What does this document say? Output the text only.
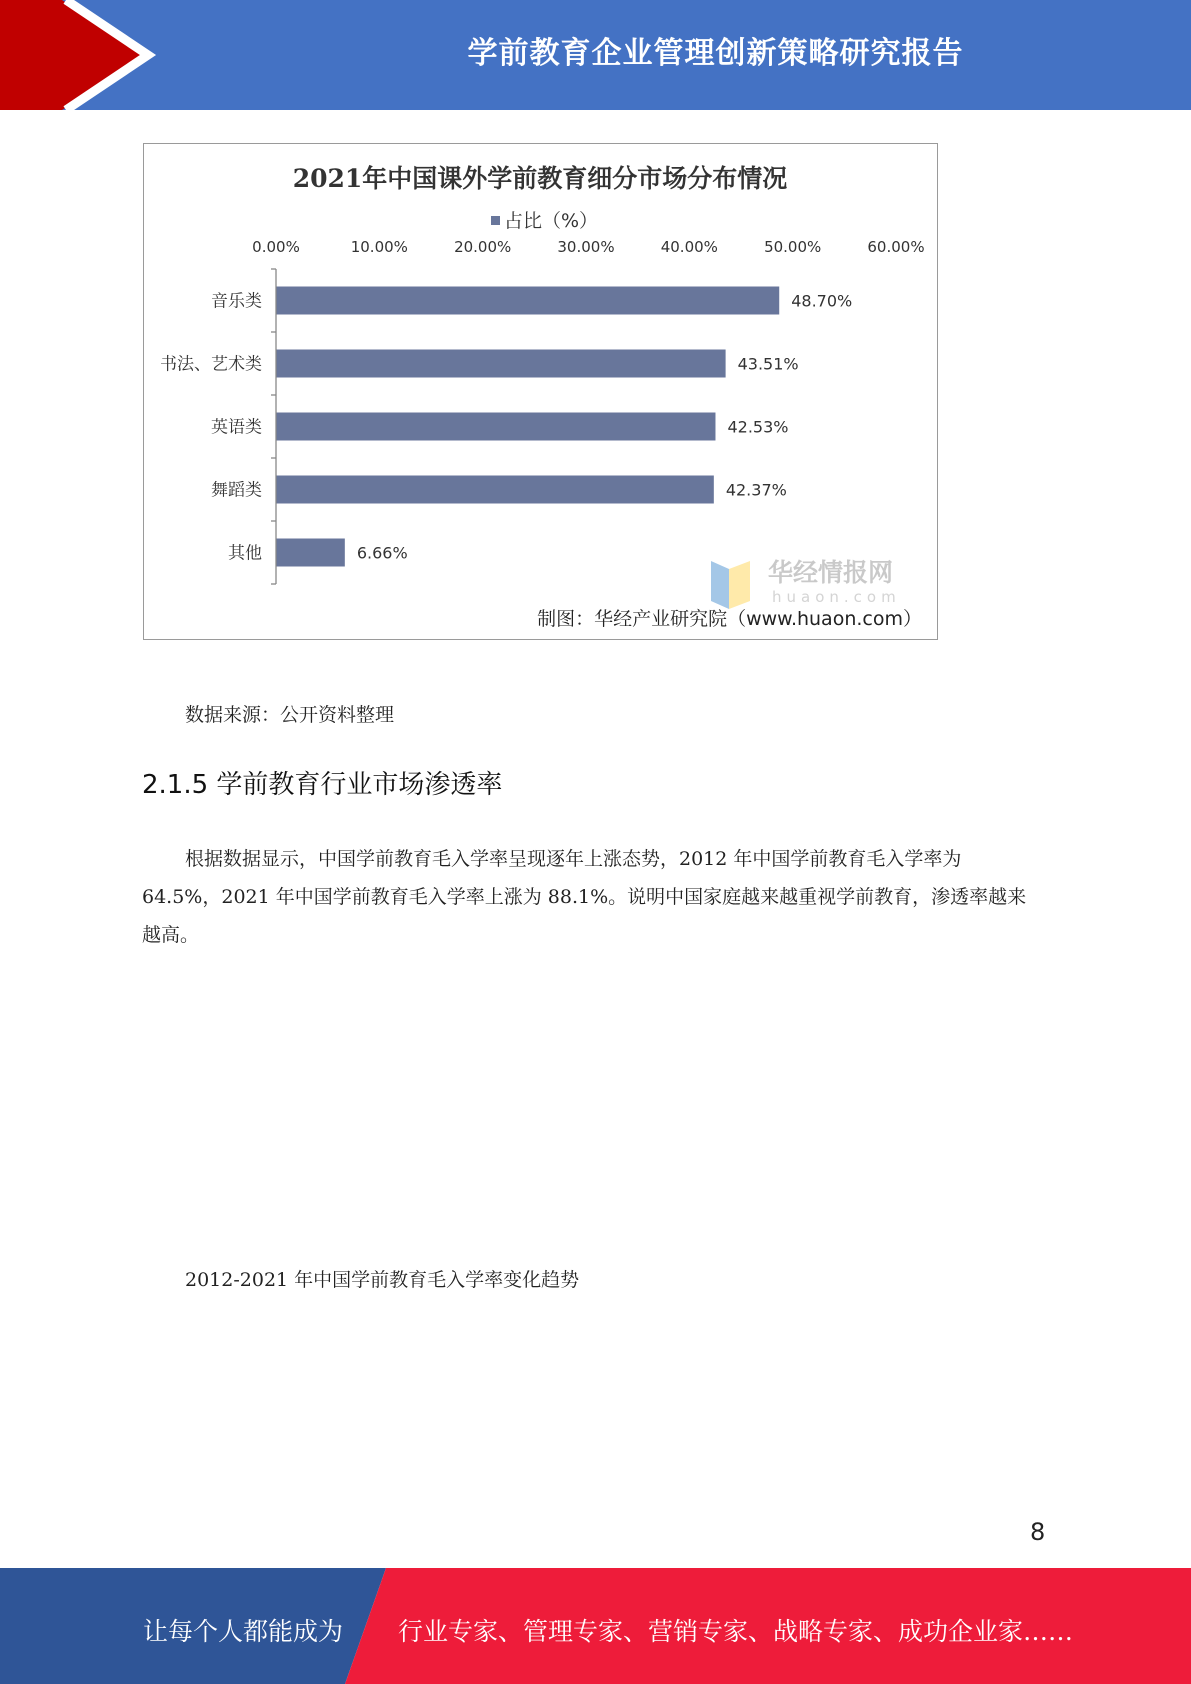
学前教育企业管理创新策略研究报告
2021年中国课外学前教育细分市场分布情况
占比（%）
0.00%	10.00%	20.00%	30.00%	40.00%	50.00%	60.00%
音乐类
书法、艺术类
英语类
舞蹈类
其他
48.70%
43.51%
42.53%
42.37%
6.66%
华经情报网
huaon.com
制图：华经产业研究院（www.huaon.com）
数据来源：公开资料整理
2.1.5 学前教育行业市场渗透率
根据数据显示，中国学前教育毛入学率呈现逐年上涨态势，2012 年中国学前教育毛入学率为 64.5%，2021 年中国学前教育毛入学率上涨为 88.1%。说明中国家庭越来越重视学前教育，渗透率越来越高。
2012-2021 年中国学前教育毛入学率变化趋势
8
让每个人都能成为 行业专家、管理专家、营销专家、战略专家、成功企业家……
